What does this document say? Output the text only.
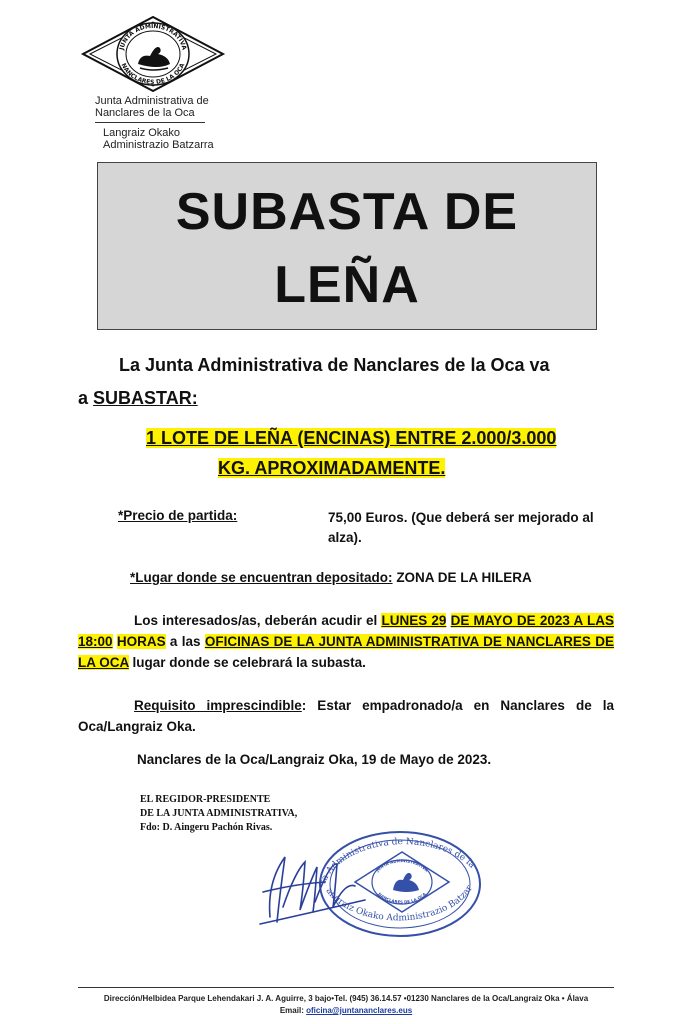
JUNTA ADMINISTRATIVA
NANCLARES DE LA OCA
Junta Administrativa de
Nanclares de la Oca
Langraiz Okako
Administrazio Batzarra
SUBASTA DE
LEÑA
La Junta Administrativa de Nanclares de la Oca va
a SUBASTAR:
1 LOTE DE LEÑA (ENCINAS) ENTRE 2.000/3.000
KG. APROXIMADAMENTE.
*Precio de partida:	75,00 Euros. (Que deberá ser mejorado al alza).
*Lugar donde se encuentran depositado: ZONA DE LA HILERA
Los interesados/as, deberán acudir el LUNES 29 DE MAYO DE 2023 A LAS 18:00 HORAS a las OFICINAS DE LA JUNTA ADMINISTRATIVA DE NANCLARES DE LA OCA lugar donde se celebrará la subasta.
Requisito imprescindible: Estar empadronado/a en Nanclares de la Oca/Langraiz Oka.
Nanclares de la Oca/Langraiz Oka, 19 de Mayo de 2023.
EL REGIDOR-PRESIDENTE
DE LA JUNTA ADMINISTRATIVA,
Fdo: D. Aingeru Pachón Rivas.
ta Administrativa de Nanclares de la
angraiz Okako Administrazio Batzar
JUNTA ADMINISTRATIVA
NANCLARES DE LA OCA
Dirección/Helbidea Parque Lehendakari J. A. Aguirre, 3 bajo•Tel. (945) 36.14.57 •01230 Nanclares de la Oca/Langraiz Oka • Álava
Email: oficina@juntananclares.eus
